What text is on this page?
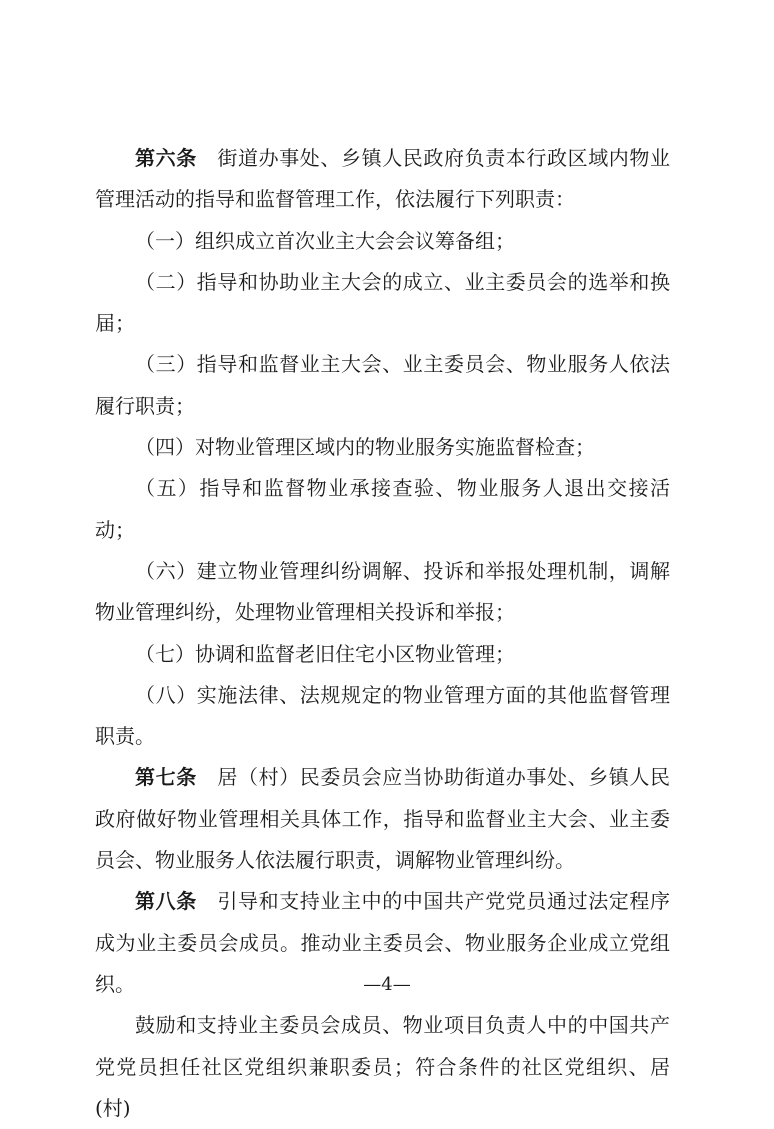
第六条 街道办事处、乡镇人民政府负责本行政区域内物业管理活动的指导和监督管理工作，依法履行下列职责：

（一）组织成立首次业主大会会议筹备组；

（二）指导和协助业主大会的成立、业主委员会的选举和换届；

（三）指导和监督业主大会、业主委员会、物业服务人依法履行职责；

（四）对物业管理区域内的物业服务实施监督检查；

（五）指导和监督物业承接查验、物业服务人退出交接活动；

（六）建立物业管理纠纷调解、投诉和举报处理机制，调解物业管理纠纷，处理物业管理相关投诉和举报；

（七）协调和监督老旧住宅小区物业管理；

（八）实施法律、法规规定的物业管理方面的其他监督管理职责。

第七条 居（村）民委员会应当协助街道办事处、乡镇人民政府做好物业管理相关具体工作，指导和监督业主大会、业主委员会、物业服务人依法履行职责，调解物业管理纠纷。

第八条 引导和支持业主中的中国共产党党员通过法定程序成为业主委员会成员。推动业主委员会、物业服务企业成立党组织。

鼓励和支持业主委员会成员、物业项目负责人中的中国共产党党员担任社区党组织兼职委员；符合条件的社区党组织、居(村)

—4—
